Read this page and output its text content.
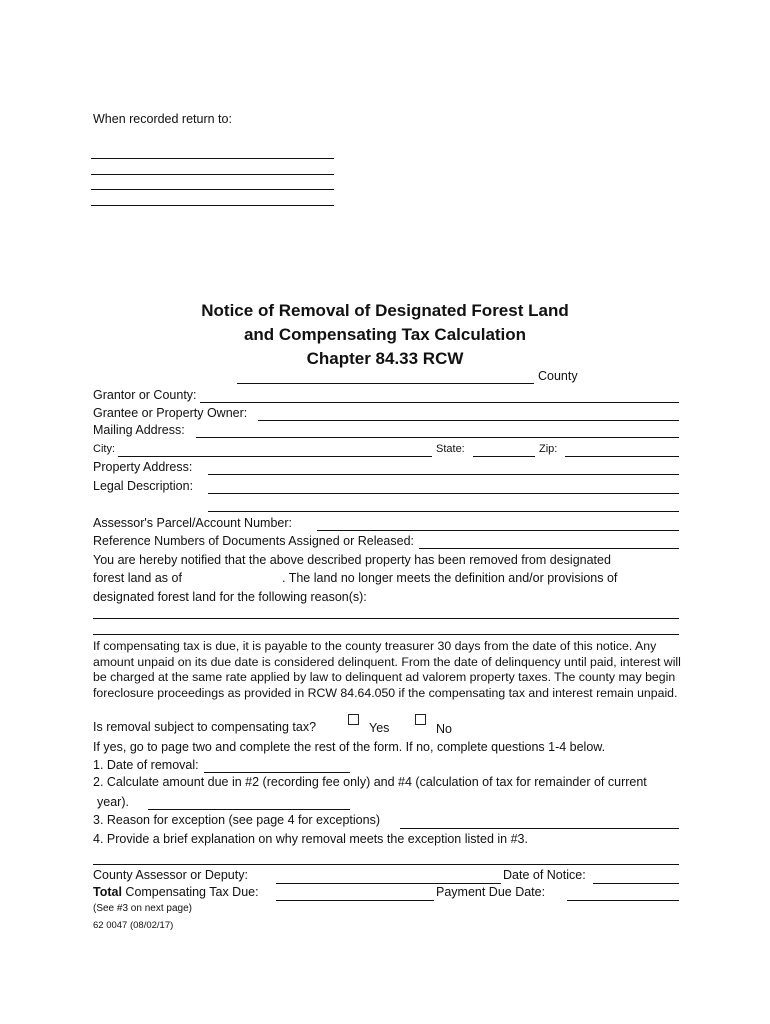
When recorded return to:
Notice of Removal of Designated Forest Land
and Compensating Tax Calculation
Chapter 84.33 RCW
County
Grantor or County:
Grantee or Property Owner:
Mailing Address:
City:	State:	Zip:
Property Address:
Legal Description:
Assessor's Parcel/Account Number:
Reference Numbers of Documents Assigned or Released:
You are hereby notified that the above described property has been removed from designated
forest land as of	. The land no longer meets the definition and/or provisions of
designated forest land for the following reason(s):
If compensating tax is due, it is payable to the county treasurer 30 days from the date of this notice. Any amount unpaid on its due date is considered delinquent. From the date of delinquency until paid, interest will be charged at the same rate applied by law to delinquent ad valorem property taxes. The county may begin foreclosure proceedings as provided in RCW 84.64.050 if the compensating tax and interest remain unpaid.
Is removal subject to compensating tax?	Yes	No
If yes, go to page two and complete the rest of the form. If no, complete questions 1-4 below.
1. Date of removal:
2. Calculate amount due in #2 (recording fee only) and #4 (calculation of tax for remainder of current
year).
3. Reason for exception (see page 4 for exceptions)
4. Provide a brief explanation on why removal meets the exception listed in #3.
County Assessor or Deputy:	Date of Notice:
Total Compensating Tax Due:	Payment Due Date:
(See #3 on next page)
62 0047 (08/02/17)
